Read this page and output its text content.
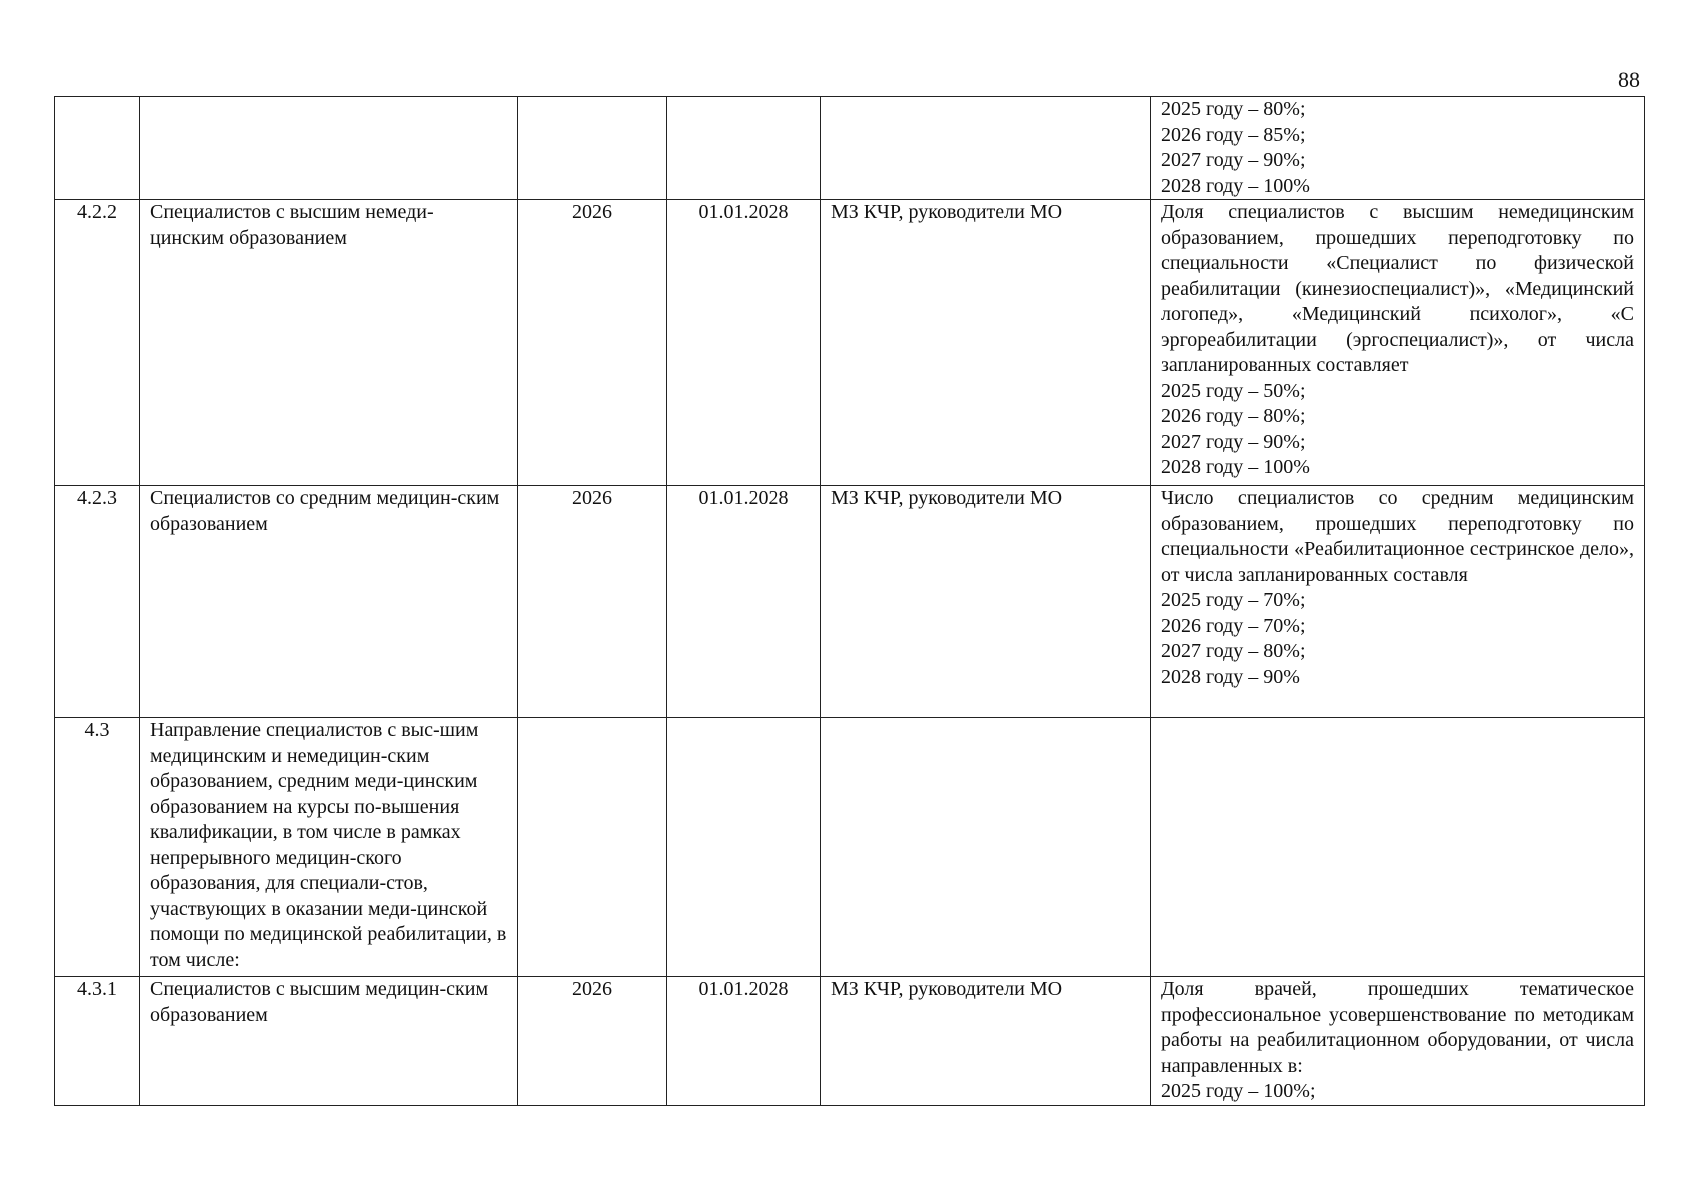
88

					2025 году – 80%;
2026 году – 85%;
2027 году – 90%;
2028 году – 100%

4.2.2	Специалистов с высшим немеди-цинским образованием	2026	01.01.2028	МЗ КЧР, руководители МО	Доля специалистов с высшим немедицинским образованием, прошедших переподготовку по специальности «Специалист по физической реабилитации (кинезиоспециалист)», «Медицинский логопед», «Медицинский психолог», «С эргореабилитации (эргоспециалист)», от числа запланированных составляет
2025 году – 50%;
2026 году – 80%;
2027 году – 90%;
2028 году – 100%

4.2.3	Специалистов со средним медицин-ским образованием	2026	01.01.2028	МЗ КЧР, руководители МО	Число специалистов со средним медицинским образованием, прошедших переподготовку по специальности «Реабилитационное сестринское дело», от числа запланированных составля
2025 году – 70%;
2026 году – 70%;
2027 году – 80%;
2028 году – 90%

4.3	Направление специалистов с выс-шим медицинским и немедицин-ским образованием, средним меди-цинским образованием на курсы по-вышения квалификации, в том числе в рамках непрерывного медицин-ского образования, для специали-стов, участвующих в оказании меди-цинской помощи по медицинской реабилитации, в том числе:				
4.3.1	Специалистов с высшим медицин-ским образованием	2026	01.01.2028	МЗ КЧР, руководители МО	Доля врачей, прошедших тематическое профессиональное усовершенствование по методикам работы на реабилитационном оборудовании, от числа направленных в:
2025 году – 100%;
